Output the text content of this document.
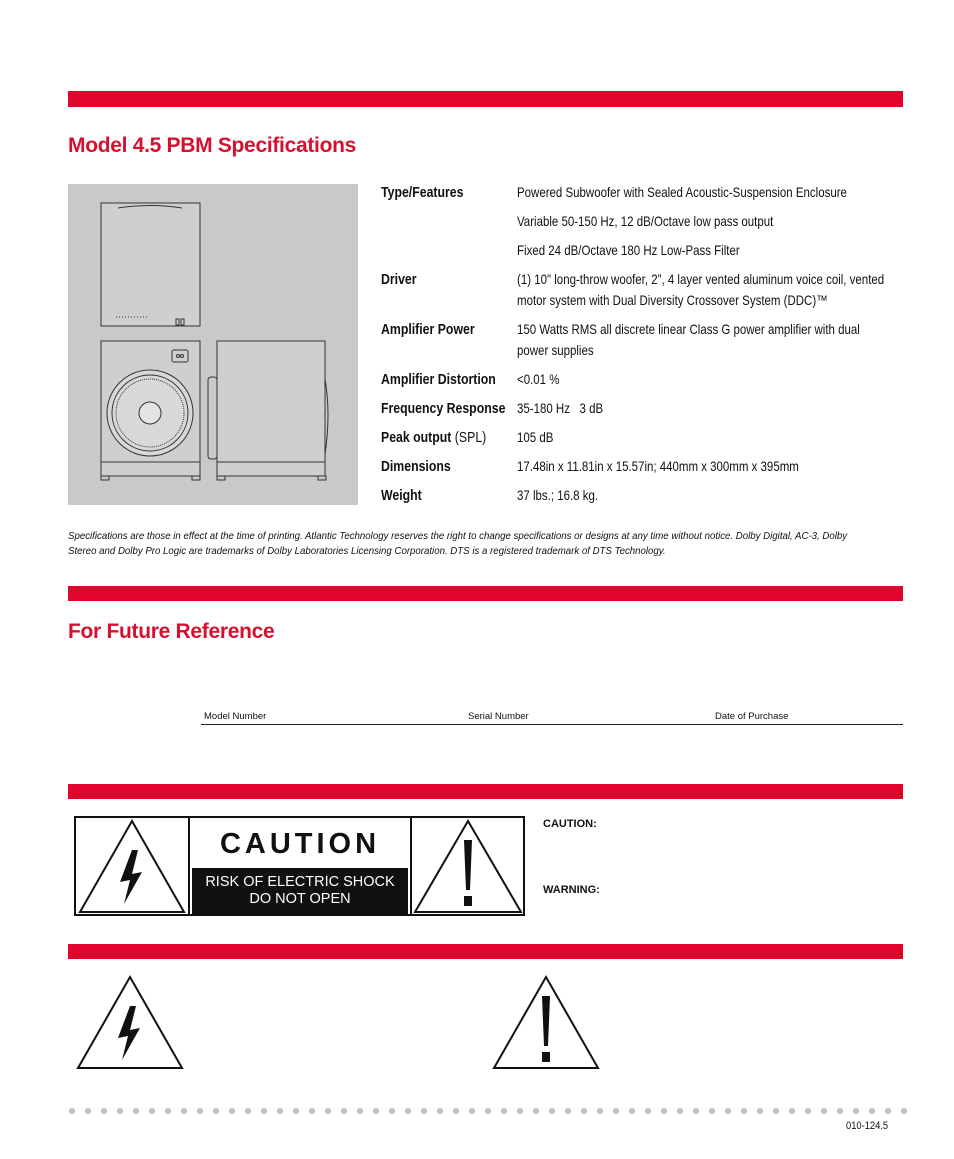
Model 4.5 PBM Specifications
Type/Features	Powered Subwoofer with Sealed Acoustic-Suspension Enclosure
Variable 50-150 Hz, 12 dB/Octave low pass output
Fixed 24 dB/Octave 180 Hz Low-Pass Filter
Driver	(1) 10" long-throw woofer, 2”, 4 layer vented aluminum voice coil, vented
motor system with Dual Diversity Crossover System (DDC)™
Amplifier Power	150 Watts RMS all discrete linear Class G power amplifier with dual
power supplies
Amplifier Distortion <0.01 %
Frequency Response 35-180 Hz   3 dB
Peak output (SPL) 105 dB
Dimensions	17.48in x 11.81in x 15.57in; 440mm x 300mm x 395mm
Weight	37 lbs.; 16.8 kg.
Specifications are those in effect at the time of printing. Atlantic Technology reserves the right to change specifications or designs at any time without notice. Dolby Digital, AC-3, Dolby Stereo and Dolby Pro Logic are trademarks of Dolby Laboratories Licensing Corporation. DTS is a registered trademark of DTS Technology.
For Future Reference
Model Number	Serial Number	Date of Purchase
CAUTION
RISK OF ELECTRIC SHOCK
DO NOT OPEN
CAUTION:
WARNING:
010-124.5
